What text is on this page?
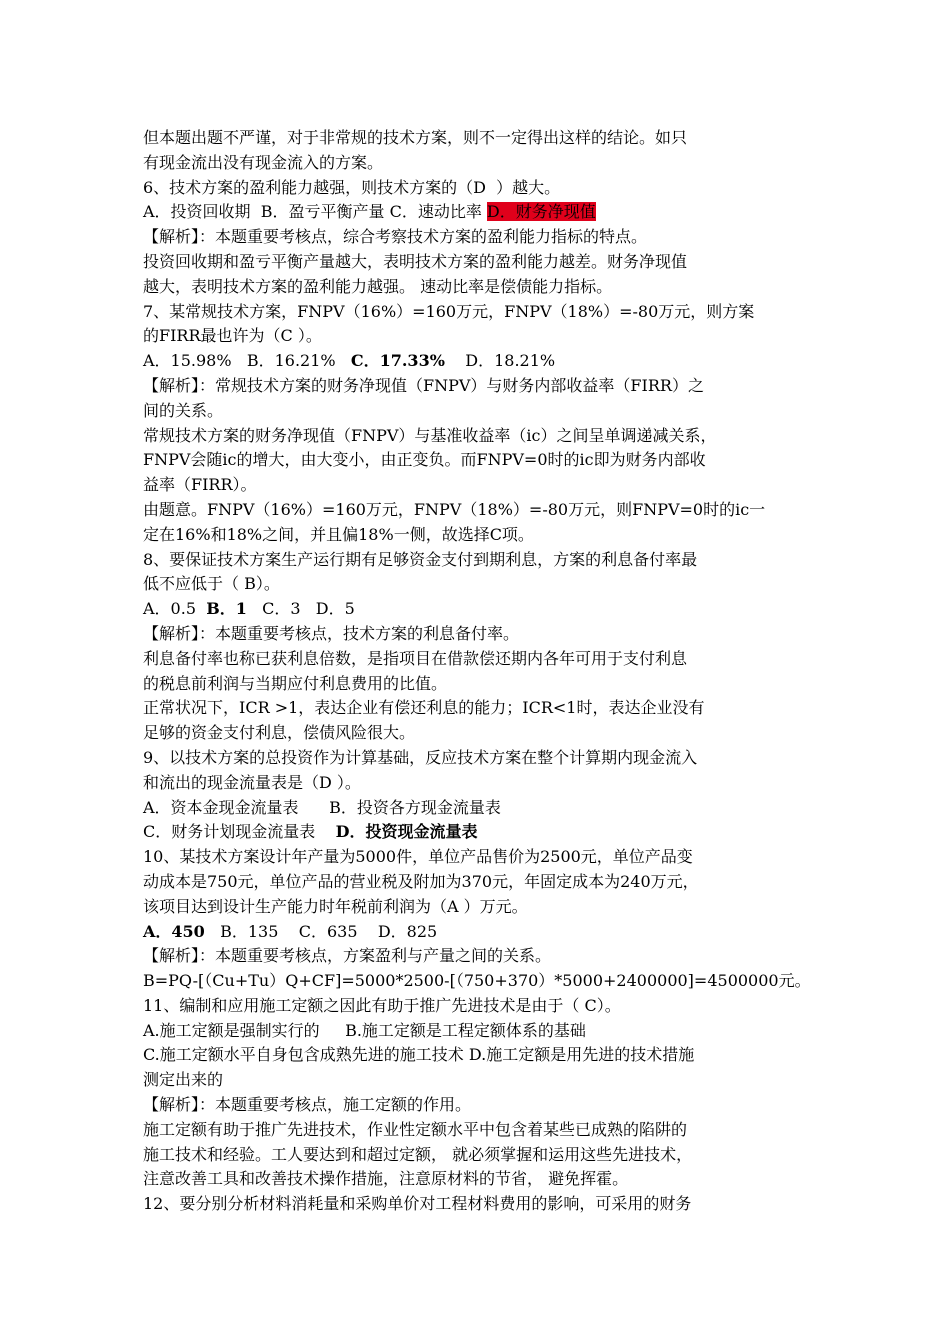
但本题出题不严谨，对于非常规的技术方案，则不一定得出这样的结论。如只
有现金流出没有现金流入的方案。
6、技术方案的盈利能力越强，则技术方案的（D  ）越大。
A．投资回收期  B．盈亏平衡产量 C．速动比率 D．财务净现值
【解析】：本题重要考核点，综合考察技术方案的盈利能力指标的特点。
投资回收期和盈亏平衡产量越大，表明技术方案的盈利能力越差。财务净现值
越大，表明技术方案的盈利能力越强。 速动比率是偿债能力指标。
7、某常规技术方案，FNPV（16%）=160万元，FNPV（18%）=-80万元，则方案
的FIRR最也许为（C ）。
A．15.98%   B．16.21%   C．17.33%    D．18.21%
【解析】：常规技术方案的财务净现值（FNPV）与财务内部收益率（FIRR）之
间的关系。
常规技术方案的财务净现值（FNPV）与基准收益率（ic）之间呈单调递减关系，
FNPV会随ic的增大，由大变小，由正变负。而FNPV=0时的ic即为财务内部收
益率（FIRR）。
由题意。FNPV（16%）=160万元，FNPV（18%）=-80万元，则FNPV=0时的ic一
定在16%和18%之间，并且偏18%一侧，故选择C项。
8、要保证技术方案生产运行期有足够资金支付到期利息，方案的利息备付率最
低不应低于（ B）。
A．0.5  B．1   C．3   D．5
【解析】：本题重要考核点，技术方案的利息备付率。
利息备付率也称已获利息倍数，是指项目在借款偿还期内各年可用于支付利息
的税息前利润与当期应付利息费用的比值。
正常状况下，ICR >1，表达企业有偿还利息的能力；ICR<1时，表达企业没有
足够的资金支付利息，偿债风险很大。
9、以技术方案的总投资作为计算基础，反应技术方案在整个计算期内现金流入
和流出的现金流量表是（D ）。
A．资本金现金流量表      B．投资各方现金流量表
C．财务计划现金流量表    D．投资现金流量表
10、某技术方案设计年产量为5000件，单位产品售价为2500元，单位产品变
动成本是750元，单位产品的营业税及附加为370元，年固定成本为240万元，
该项目达到设计生产能力时年税前利润为（A ）万元。
A．450   B．135    C．635    D．825
【解析】：本题重要考核点，方案盈利与产量之间的关系。
B=PQ-[（Cu+Tu）Q+CF]=5000*2500-[（750+370）*5000+2400000]=4500000元。
11、编制和应用施工定额之因此有助于推广先进技术是由于（ C）。
A.施工定额是强制实行的     B.施工定额是工程定额体系的基础
C.施工定额水平自身包含成熟先进的施工技术 D.施工定额是用先进的技术措施
测定出来的
【解析】：本题重要考核点，施工定额的作用。
施工定额有助于推广先进技术，作业性定额水平中包含着某些已成熟的陷阱的
施工技术和经验。工人要达到和超过定额， 就必须掌握和运用这些先进技术，
注意改善工具和改善技术操作措施，注意原材料的节省， 避免挥霍。
12、要分别分析材料消耗量和采购单价对工程材料费用的影响，可采用的财务
